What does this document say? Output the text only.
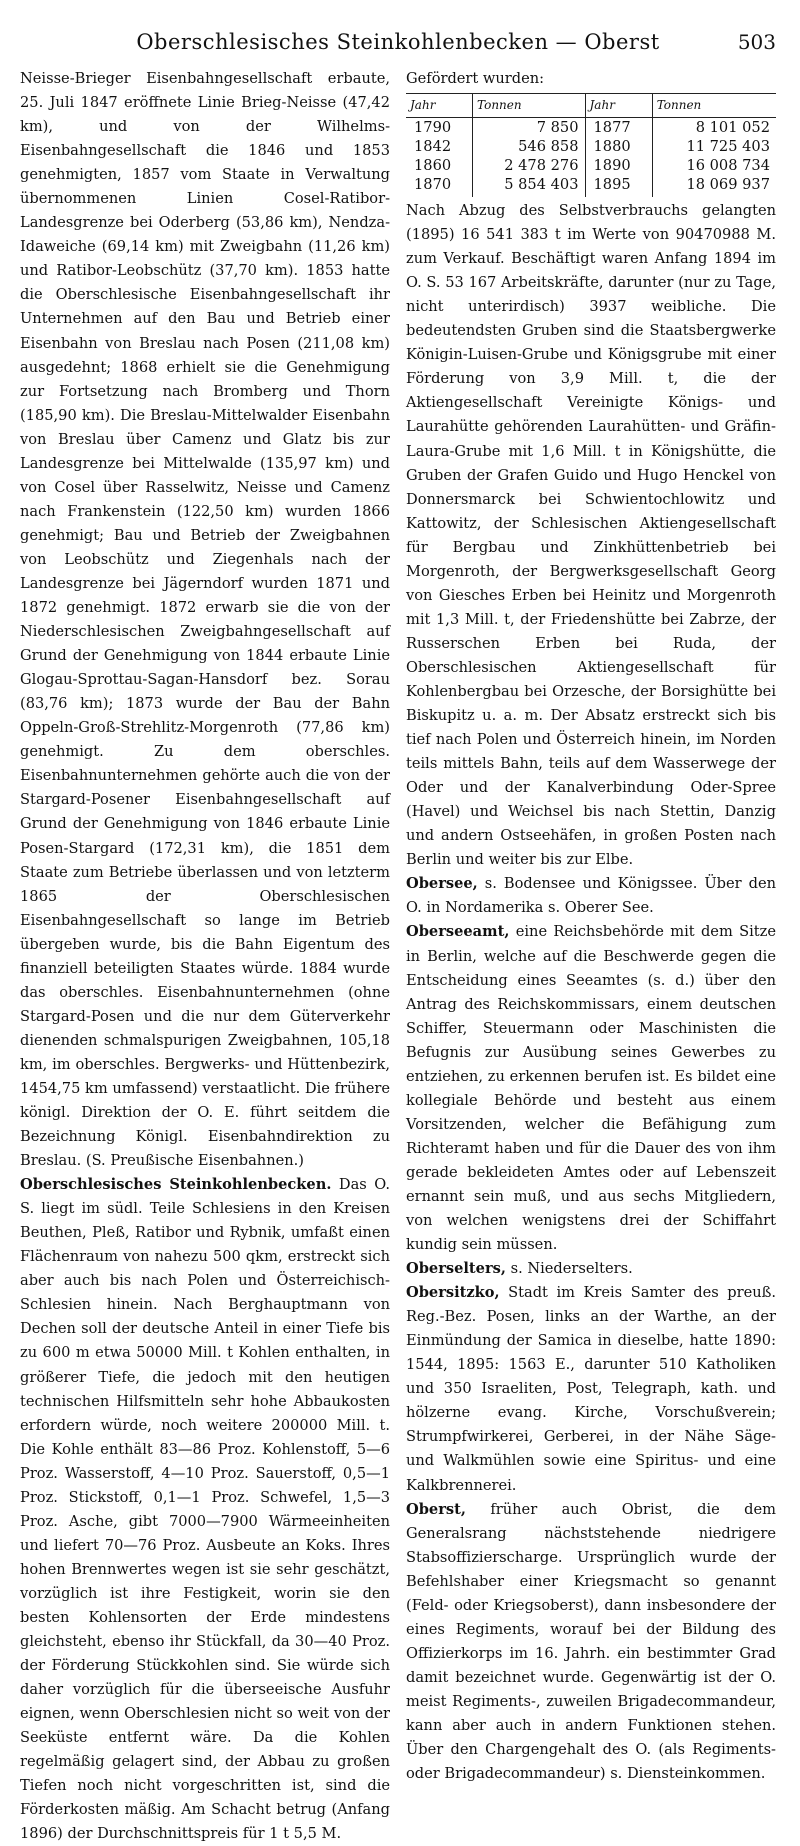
Oberschlesisches Steinkohlenbecken — Oberst	503

Neisse-Brieger Eisenbahngesellschaft erbaute, 25. Juli 1847 eröffnete Linie Brieg-Neisse (47,42 km), und von der Wilhelms-Eisenbahngesellschaft die 1846 und 1853 genehmigten, 1857 vom Staate in Verwaltung übernommenen Linien Cosel-Ratibor-Landesgrenze bei Oderberg (53,86 km), Nendza-Idaweiche (69,14 km) mit Zweigbahn (11,26 km) und Ratibor-Leobschütz (37,70 km). 1853 hatte die Oberschlesische Eisenbahngesellschaft ihr Unternehmen auf den Bau und Betrieb einer Eisenbahn von Breslau nach Posen (211,08 km) ausgedehnt; 1868 erhielt sie die Genehmigung zur Fortsetzung nach Bromberg und Thorn (185,90 km). Die Breslau-Mittelwalder Eisenbahn von Breslau über Camenz und Glatz bis zur Landesgrenze bei Mittelwalde (135,97 km) und von Cosel über Rasselwitz, Neisse und Camenz nach Frankenstein (122,50 km) wurden 1866 genehmigt; Bau und Betrieb der Zweigbahnen von Leobschütz und Ziegenhals nach der Landesgrenze bei Jägerndorf wurden 1871 und 1872 genehmigt. 1872 erwarb sie die von der Niederschlesischen Zweigbahngesellschaft auf Grund der Genehmigung von 1844 erbaute Linie Glogau-Sprottau-Sagan-Hansdorf bez. Sorau (83,76 km); 1873 wurde der Bau der Bahn Oppeln-Groß-Strehlitz-Morgenroth (77,86 km) genehmigt. Zu dem oberschles. Eisenbahnunternehmen gehörte auch die von der Stargard-Posener Eisenbahngesellschaft auf Grund der Genehmigung von 1846 erbaute Linie Posen-Stargard (172,31 km), die 1851 dem Staate zum Betriebe überlassen und von letzterm 1865 der Oberschlesischen Eisenbahngesellschaft so lange im Betrieb übergeben wurde, bis die Bahn Eigentum des finanziell beteiligten Staates würde. 1884 wurde das oberschles. Eisenbahnunternehmen (ohne Stargard-Posen und die nur dem Güterverkehr dienenden schmalspurigen Zweigbahnen, 105,18 km, im oberschles. Bergwerks- und Hüttenbezirk, 1454,75 km umfassend) verstaatlicht. Die frühere königl. Direktion der O. E. führt seitdem die Bezeichnung Königl. Eisenbahndirektion zu Breslau. (S. Preußische Eisenbahnen.)

Oberschlesisches Steinkohlenbecken. Das O. S. liegt im südl. Teile Schlesiens in den Kreisen Beuthen, Pleß, Ratibor und Rybnik, umfaßt einen Flächenraum von nahezu 500 qkm, erstreckt sich aber auch bis nach Polen und Österreichisch-Schlesien hinein. Nach Berghauptmann von Dechen soll der deutsche Anteil in einer Tiefe bis zu 600 m etwa 50000 Mill. t Kohlen enthalten, in größerer Tiefe, die jedoch mit den heutigen technischen Hilfsmitteln sehr hohe Abbaukosten erfordern würde, noch weitere 200000 Mill. t. Die Kohle enthält 83—86 Proz. Kohlenstoff, 5—6 Proz. Wasserstoff, 4—10 Proz. Sauerstoff, 0,5—1 Proz. Stickstoff, 0,1—1 Proz. Schwefel, 1,5—3 Proz. Asche, gibt 7000—7900 Wärmeeinheiten und liefert 70—76 Proz. Ausbeute an Koks. Ihres hohen Brennwertes wegen ist sie sehr geschätzt, vorzüglich ist ihre Festigkeit, worin sie den besten Kohlensorten der Erde mindestens gleichsteht, ebenso ihr Stückfall, da 30—40 Proz. der Förderung Stückkohlen sind. Sie würde sich daher vorzüglich für die überseeische Ausfuhr eignen, wenn Oberschlesien nicht so weit von der Seeküste entfernt wäre. Da die Kohlen regelmäßig gelagert sind, der Abbau zu großen Tiefen noch nicht vorgeschritten ist, sind die Förderkosten mäßig. Am Schacht betrug (Anfang 1896) der Durchschnittspreis für 1 t 5,5 M.

Gefördert wurden:

Jahr	Tonnen	Jahr	Tonnen
1790	7 850	1877	8 101 052
1842	546 858	1880	11 725 403
1860	2 478 276	1890	16 008 734
1870	5 854 403	1895	18 069 937

Nach Abzug des Selbstverbrauchs gelangten (1895) 16 541 383 t im Werte von 90470988 M. zum Verkauf. Beschäftigt waren Anfang 1894 im O. S. 53 167 Arbeitskräfte, darunter (nur zu Tage, nicht unterirdisch) 3937 weibliche. Die bedeutendsten Gruben sind die Staatsbergwerke Königin-Luisen-Grube und Königsgrube mit einer Förderung von 3,9 Mill. t, die der Aktiengesellschaft Vereinigte Königs- und Laurahütte gehörenden Laurahütten- und Gräfin-Laura-Grube mit 1,6 Mill. t in Königshütte, die Gruben der Grafen Guido und Hugo Henckel von Donnersmarck bei Schwientochlowitz und Kattowitz, der Schlesischen Aktiengesellschaft für Bergbau und Zinkhüttenbetrieb bei Morgenroth, der Bergwerksgesellschaft Georg von Giesches Erben bei Heinitz und Morgenroth mit 1,3 Mill. t, der Friedenshütte bei Zabrze, der Russerschen Erben bei Ruda, der Oberschlesischen Aktiengesellschaft für Kohlenbergbau bei Orzesche, der Borsighütte bei Biskupitz u. a. m. Der Absatz erstreckt sich bis tief nach Polen und Österreich hinein, im Norden teils mittels Bahn, teils auf dem Wasserwege der Oder und der Kanalverbindung Oder-Spree (Havel) und Weichsel bis nach Stettin, Danzig und andern Ostseehäfen, in großen Posten nach Berlin und weiter bis zur Elbe.

Obersee, s. Bodensee und Königssee. Über den O. in Nordamerika s. Oberer See.

Oberseeamt, eine Reichsbehörde mit dem Sitze in Berlin, welche auf die Beschwerde gegen die Entscheidung eines Seeamtes (s. d.) über den Antrag des Reichskommissars, einem deutschen Schiffer, Steuermann oder Maschinisten die Befugnis zur Ausübung seines Gewerbes zu entziehen, zu erkennen berufen ist. Es bildet eine kollegiale Behörde und besteht aus einem Vorsitzenden, welcher die Befähigung zum Richteramt haben und für die Dauer des von ihm gerade bekleideten Amtes oder auf Lebenszeit ernannt sein muß, und aus sechs Mitgliedern, von welchen wenigstens drei der Schiffahrt kundig sein müssen.

Oberselters, s. Niederselters.

Obersitzko, Stadt im Kreis Samter des preuß. Reg.-Bez. Posen, links an der Warthe, an der Einmündung der Samica in dieselbe, hatte 1890: 1544, 1895: 1563 E., darunter 510 Katholiken und 350 Israeliten, Post, Telegraph, kath. und hölzerne evang. Kirche, Vorschußverein; Strumpfwirkerei, Gerberei, in der Nähe Säge- und Walkmühlen sowie eine Spiritus- und eine Kalkbrennerei.

Oberst, früher auch Obrist, die dem Generalsrang nächststehende niedrigere Stabsoffizierscharge. Ursprünglich wurde der Befehlshaber einer Kriegsmacht so genannt (Feld- oder Kriegsoberst), dann insbesondere der eines Regiments, worauf bei der Bildung des Offizierkorps im 16. Jahrh. ein bestimmter Grad damit bezeichnet wurde. Gegenwärtig ist der O. meist Regiments-, zuweilen Brigadecommandeur, kann aber auch in andern Funktionen stehen. Über den Chargengehalt des O. (als Regiments- oder Brigadecommandeur) s. Diensteinkommen.
